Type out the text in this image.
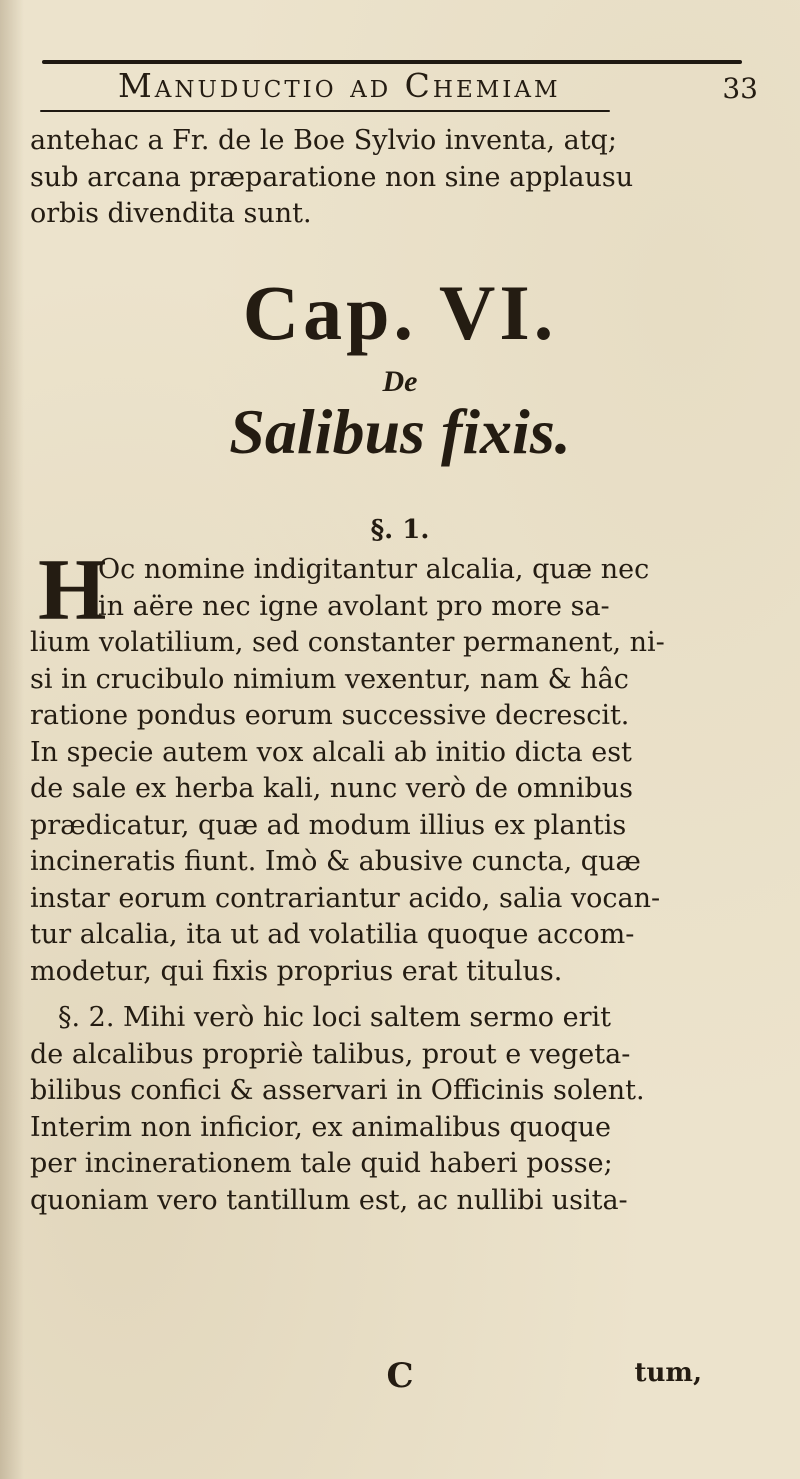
Manuductio ad Chemiam	33
antehac a Fr. de le Boe Sylvio inventa, atq;
sub arcana præparatione non sine applausu
orbis divendita sunt.
Cap. VI.
De
Salibus fixis.
§. 1.
H
Oc nomine indigitantur alcalia, quæ nec
in aëre nec igne avolant pro more sa-
lium volatilium, sed constanter permanent, ni-
si in crucibulo nimium vexentur, nam & hâc
ratione pondus eorum successive decrescit.
In specie autem vox alcali ab initio dicta est
de sale ex herba kali, nunc verò de omnibus
prædicatur, quæ ad modum illius ex plantis
incineratis fiunt. Imò & abusive cuncta, quæ
instar eorum contrariantur acido, salia vocan-
tur alcalia, ita ut ad volatilia quoque accom-
modetur, qui fixis proprius erat titulus.
§. 2. Mihi verò hic loci saltem sermo erit
de alcalibus propriè talibus, prout e vegeta-
bilibus confici & asservari in Officinis solent.
Interim non inficior, ex animalibus quoque
per incinerationem tale quid haberi posse;
quoniam vero tantillum est, ac nullibi usita-
C	tum,
